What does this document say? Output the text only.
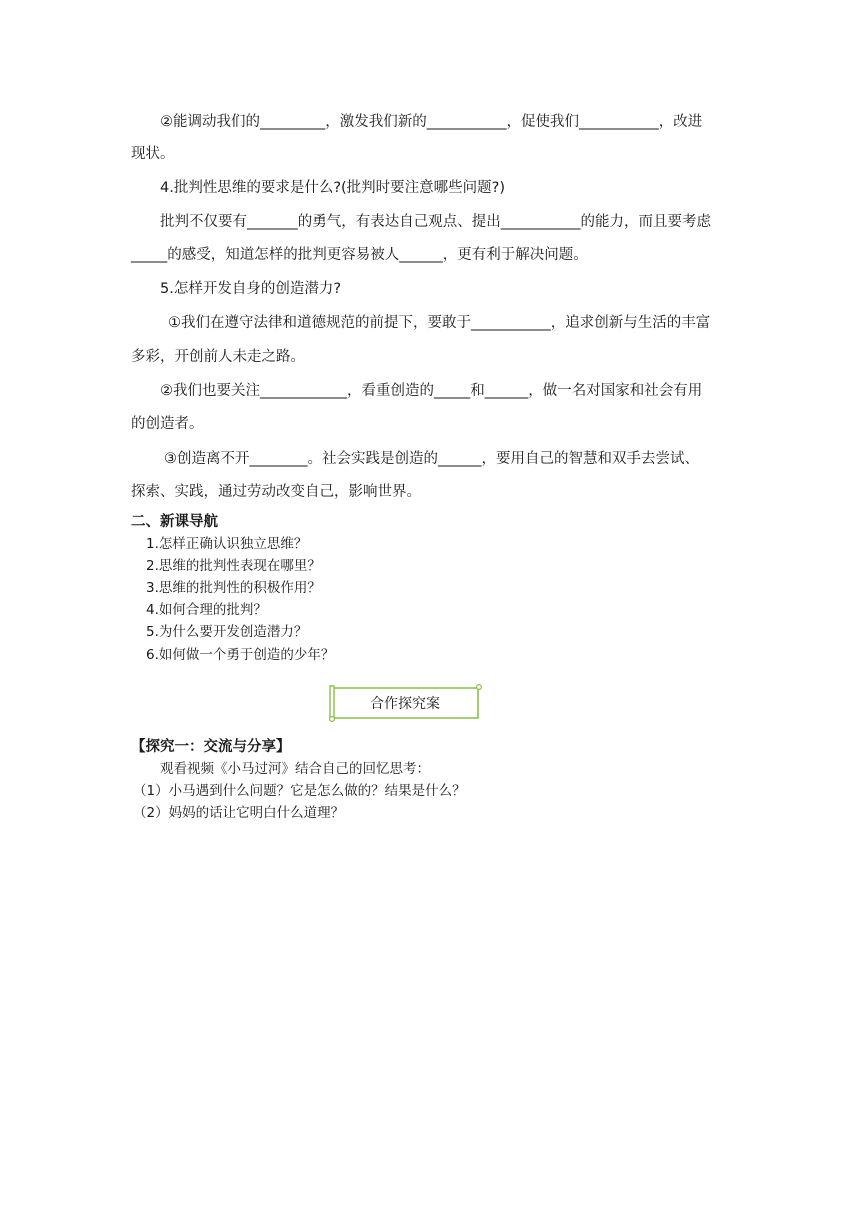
②能调动我们的_________，激发我们新的___________，促使我们___________，改进
现状。
4.批判性思维的要求是什么?(批判时要注意哪些问题?)
批判不仅要有_______的勇气，有表达自己观点、提出___________的能力，而且要考虑
_____的感受，知道怎样的批判更容易被人______，更有利于解决问题。
5.怎样开发自身的创造潜力?
①我们在遵守法律和道德规范的前提下，要敢于___________，追求创新与生活的丰富
多彩，开创前人未走之路。
②我们也要关注____________，看重创造的_____和______，做一名对国家和社会有用
的创造者。
③创造离不开________。社会实践是创造的______，要用自己的智慧和双手去尝试、
探索、实践，通过劳动改变自己，影响世界。
二、新课导航
1.怎样正确认识独立思维？
2.思维的批判性表现在哪里？
3.思维的批判性的积极作用？
4.如何合理的批判？
5.为什么要开发创造潜力？
6.如何做一个勇于创造的少年？
合作探究案
【探究一：交流与分享】
观看视频《小马过河》结合自己的回忆思考：
（1）小马遇到什么问题？它是怎么做的？结果是什么？
（2）妈妈的话让它明白什么道理？
